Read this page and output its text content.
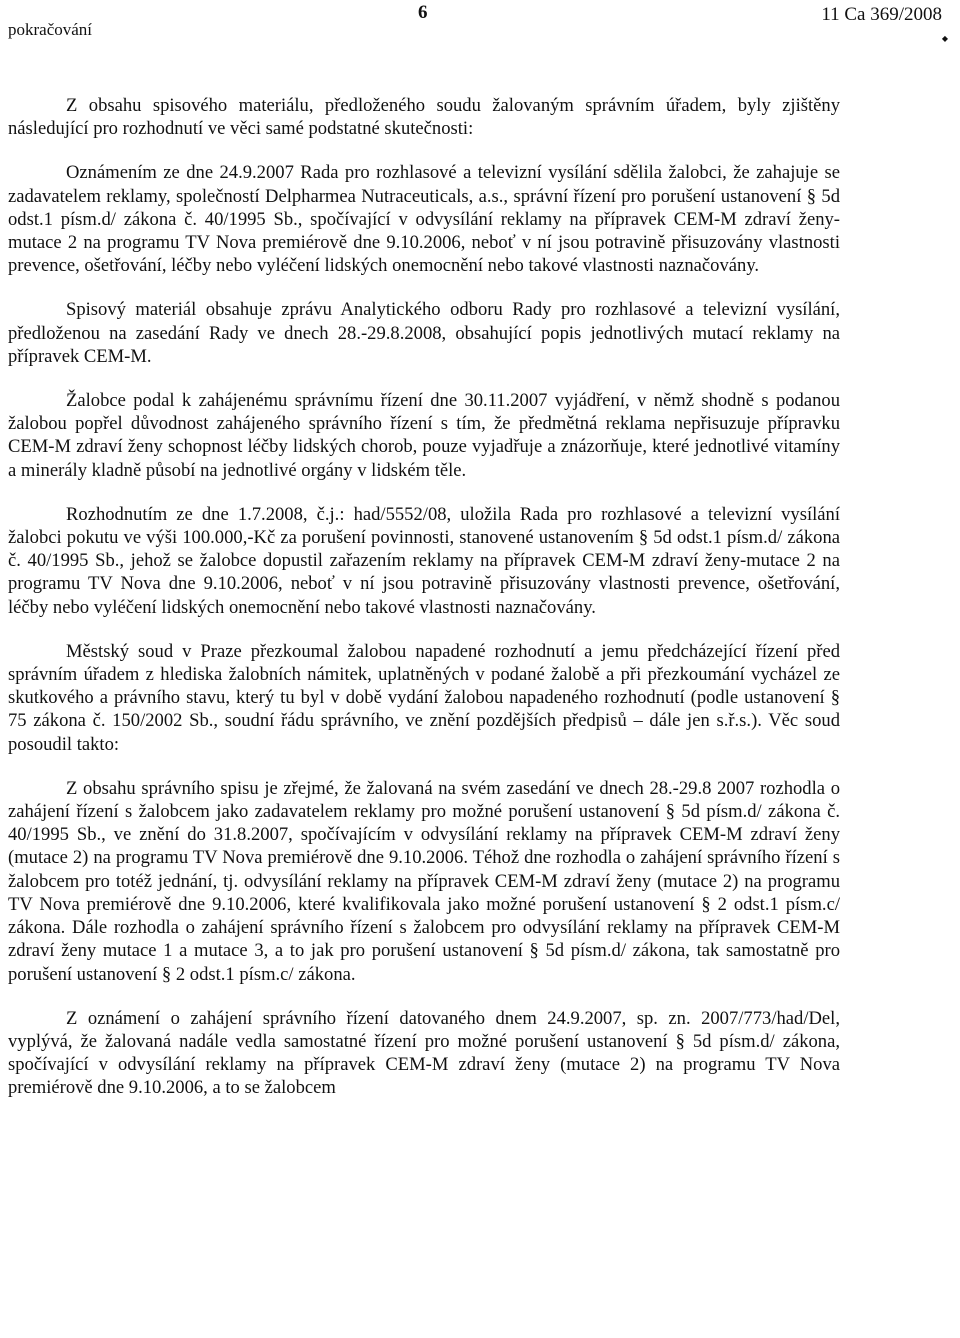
pokračování
6	11 Ca 369/2008
◆

Z obsahu spisového materiálu, předloženého soudu žalovaným správním úřadem, byly zjištěny následující pro rozhodnutí ve věci samé podstatné skutečnosti:

Oznámením ze dne 24.9.2007 Rada pro rozhlasové a televizní vysílání sdělila žalobci, že zahajuje se zadavatelem reklamy, společností Delpharmea Nutraceuticals, a.s., správní řízení pro porušení ustanovení § 5d odst.1 písm.d/ zákona č. 40/1995 Sb., spočívající v odvysílání reklamy na přípravek CEM-M zdraví ženy-mutace 2 na programu TV Nova premiérově dne 9.10.2006, neboť v ní jsou potravině přisuzovány vlastnosti prevence, ošetřování, léčby nebo vyléčení lidských onemocnění nebo takové vlastnosti naznačovány.

Spisový materiál obsahuje zprávu Analytického odboru Rady pro rozhlasové a televizní vysílání, předloženou na zasedání Rady ve dnech 28.-29.8.2008, obsahující popis jednotlivých mutací reklamy na přípravek CEM-M.

Žalobce podal k zahájenému správnímu řízení dne 30.11.2007 vyjádření, v němž shodně s podanou žalobou popřel důvodnost zahájeného správního řízení s tím, že předmětná reklama nepřisuzuje přípravku CEM-M zdraví ženy schopnost léčby lidských chorob, pouze vyjadřuje a znázorňuje, které jednotlivé vitamíny a minerály kladně působí na jednotlivé orgány v lidském těle.

Rozhodnutím ze dne 1.7.2008, č.j.: had/5552/08, uložila Rada pro rozhlasové a televizní vysílání žalobci pokutu ve výši 100.000,-Kč za porušení povinnosti, stanovené ustanovením § 5d odst.1 písm.d/ zákona č. 40/1995 Sb., jehož se žalobce dopustil zařazením reklamy na přípravek CEM-M zdraví ženy-mutace 2 na programu TV Nova dne 9.10.2006, neboť v ní jsou potravině přisuzovány vlastnosti prevence, ošetřování, léčby nebo vyléčení lidských onemocnění nebo takové vlastnosti naznačovány.

Městský soud v Praze přezkoumal žalobou napadené rozhodnutí a jemu předcházející řízení před správním úřadem z hlediska žalobních námitek, uplatněných v podané žalobě a při přezkoumání vycházel ze skutkového a právního stavu, který tu byl v době vydání žalobou napadeného rozhodnutí (podle ustanovení § 75 zákona č. 150/2002 Sb., soudní řádu správního, ve znění pozdějších předpisů – dále jen s.ř.s.). Věc soud posoudil takto:

Z obsahu správního spisu je zřejmé, že žalovaná na svém zasedání ve dnech 28.-29.8 2007 rozhodla o zahájení řízení s žalobcem jako zadavatelem reklamy pro možné porušení ustanovení § 5d písm.d/ zákona č. 40/1995 Sb., ve znění do 31.8.2007, spočívajícím v odvysílání reklamy na přípravek CEM-M zdraví ženy (mutace 2) na programu TV Nova premiérově dne 9.10.2006. Téhož dne rozhodla o zahájení správního řízení s žalobcem pro totéž jednání, tj. odvysílání reklamy na přípravek CEM-M zdraví ženy (mutace 2) na programu TV Nova premiérově dne 9.10.2006, které kvalifikovala jako možné porušení ustanovení § 2 odst.1 písm.c/ zákona. Dále rozhodla o zahájení správního řízení s žalobcem pro odvysílání reklamy na přípravek CEM-M zdraví ženy mutace 1 a mutace 3, a to jak pro porušení ustanovení § 5d písm.d/ zákona, tak samostatně pro porušení ustanovení § 2 odst.1 písm.c/ zákona.

Z oznámení o zahájení správního řízení datovaného dnem 24.9.2007, sp. zn. 2007/773/had/Del, vyplývá, že žalovaná nadále vedla samostatné řízení pro možné porušení ustanovení § 5d písm.d/ zákona, spočívající v odvysílání reklamy na přípravek CEM-M zdraví ženy (mutace 2) na programu TV Nova premiérově dne 9.10.2006, a to se žalobcem
